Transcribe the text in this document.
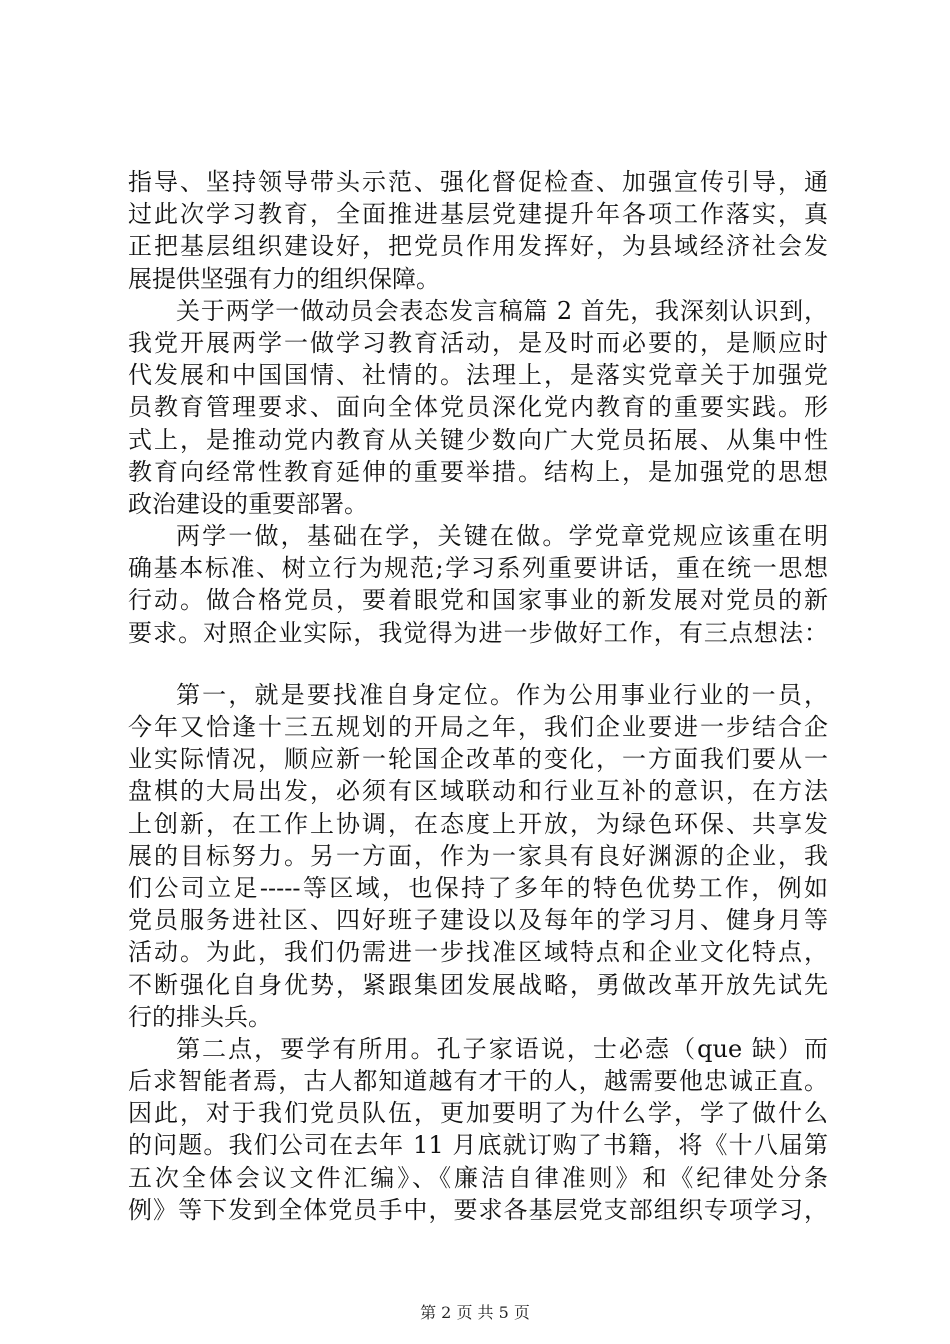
指导、坚持领导带头示范、强化督促检查、加强宣传引导，通
过此次学习教育，全面推进基层党建提升年各项工作落实，真
正把基层组织建设好，把党员作用发挥好，为县域经济社会发
展提供坚强有力的组织保障。
关于两学一做动员会表态发言稿篇 2 首先，我深刻认识到，
我党开展两学一做学习教育活动，是及时而必要的，是顺应时
代发展和中国国情、社情的。法理上，是落实党章关于加强党
员教育管理要求、面向全体党员深化党内教育的重要实践。形
式上，是推动党内教育从关键少数向广大党员拓展、从集中性
教育向经常性教育延伸的重要举措。结构上，是加强党的思想
政治建设的重要部署。
两学一做，基础在学，关键在做。学党章党规应该重在明
确基本标准、树立行为规范;学习系列重要讲话，重在统一思想
行动。做合格党员，要着眼党和国家事业的新发展对党员的新
要求。对照企业实际，我觉得为进一步做好工作，有三点想法：
第一，就是要找准自身定位。作为公用事业行业的一员，
今年又恰逢十三五规划的开局之年，我们企业要进一步结合企
业实际情况，顺应新一轮国企改革的变化，一方面我们要从一
盘棋的大局出发，必须有区域联动和行业互补的意识，在方法
上创新，在工作上协调，在态度上开放，为绿色环保、共享发
展的目标努力。另一方面，作为一家具有良好渊源的企业，我
们公司立足-----等区域，也保持了多年的特色优势工作，例如
党员服务进社区、四好班子建设以及每年的学习月、健身月等
活动。为此，我们仍需进一步找准区域特点和企业文化特点，
不断强化自身优势，紧跟集团发展战略，勇做改革开放先试先
行的排头兵。
第二点，要学有所用。孔子家语说，士必悫（que 缺）而
后求智能者焉，古人都知道越有才干的人，越需要他忠诚正直。
因此，对于我们党员队伍，更加要明了为什么学，学了做什么
的问题。我们公司在去年 11 月底就订购了书籍，将《十八届第
五次全体会议文件汇编》、《廉洁自律准则》和《纪律处分条
例》等下发到全体党员手中，要求各基层党支部组织专项学习，
第 2 页 共 5 页
